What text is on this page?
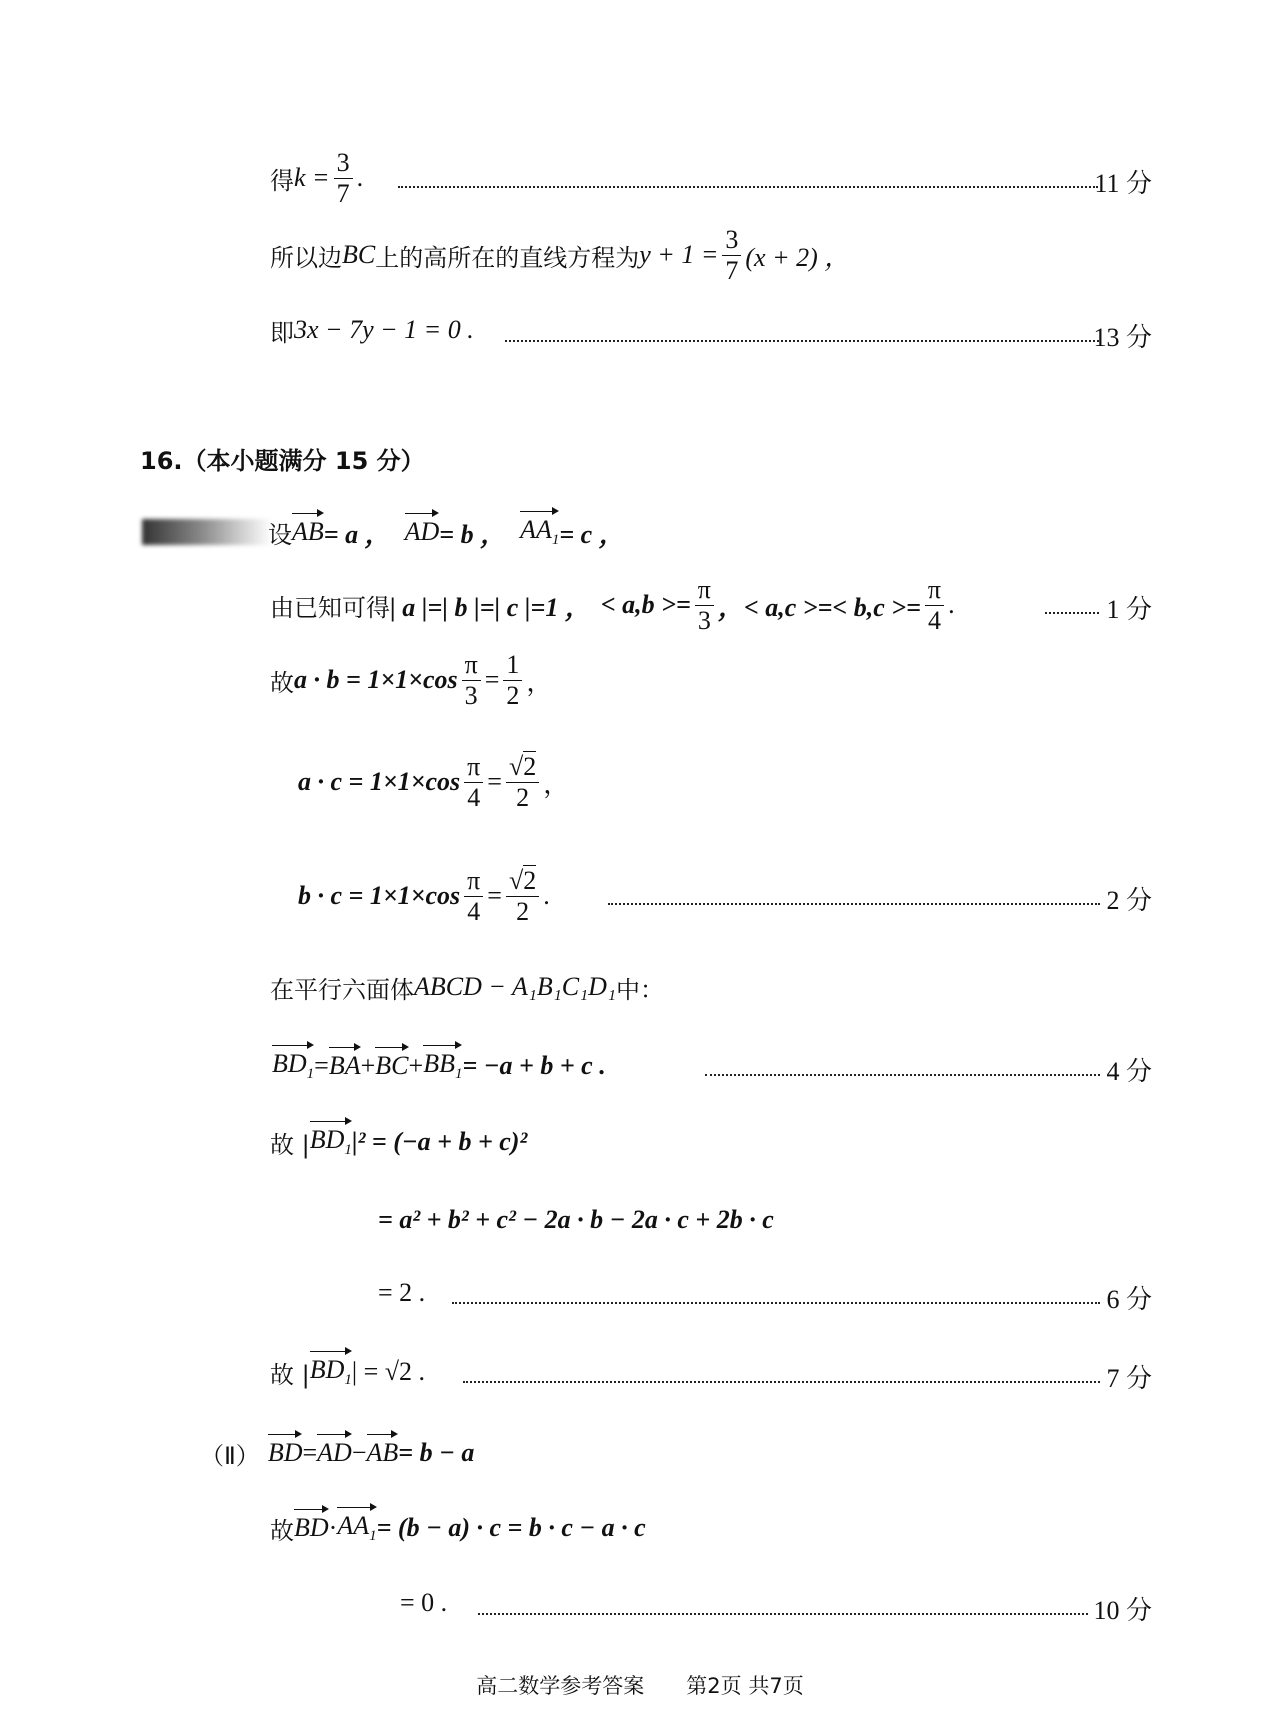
得 $k = \frac{3}{7}$ .	11 分
所以边 BC 上的高所在的直线方程为 $y + 1 = \frac{3}{7} (x + 2)$ ，
即 3x − 7y − 1 = 0 .	13 分
16.（本小题满分 15 分）
设 AB = a ， AD = b ， $AA_1 = c$ ，
由已知可得 | a |=| b |=| c |=1 ， < $a,b >= \frac{\pi}{3}$ ，< a,c >=< $b,c >= \frac{\pi}{4}$ .	1 分
故 $a \cdot b = 1\times 1\times\cos \frac{\pi}{3} = \frac{1}{2}$ ，
$a \cdot c = 1\times 1\times\cos \frac{\pi}{4} = \frac{√2}{2}$ ，
$b \cdot c = 1\times 1\times\cos \frac{\pi}{4} = \frac{√2}{2}$ .	2 分
在平行六面体 ABCD − A₁B₁C₁D₁ 中：
$BD_1$ = BA + BC + $BB_1 = -a + b + c$ .	4 分
故 | $BD_1$ |² = (−a + b + c)²
= a² + b² + c² − 2a · b − 2a · c + 2b · c
= 2 .	6 分
故 | $BD_1$ | = √2 .	7 分
（Ⅱ） BD = AD − AB = b − a
故 BD · $AA_1 = (b - a) \cdot c = b \cdot c - a \cdot c$
= 0 .	10 分
高二数学参考答案　　第2页 共7页
